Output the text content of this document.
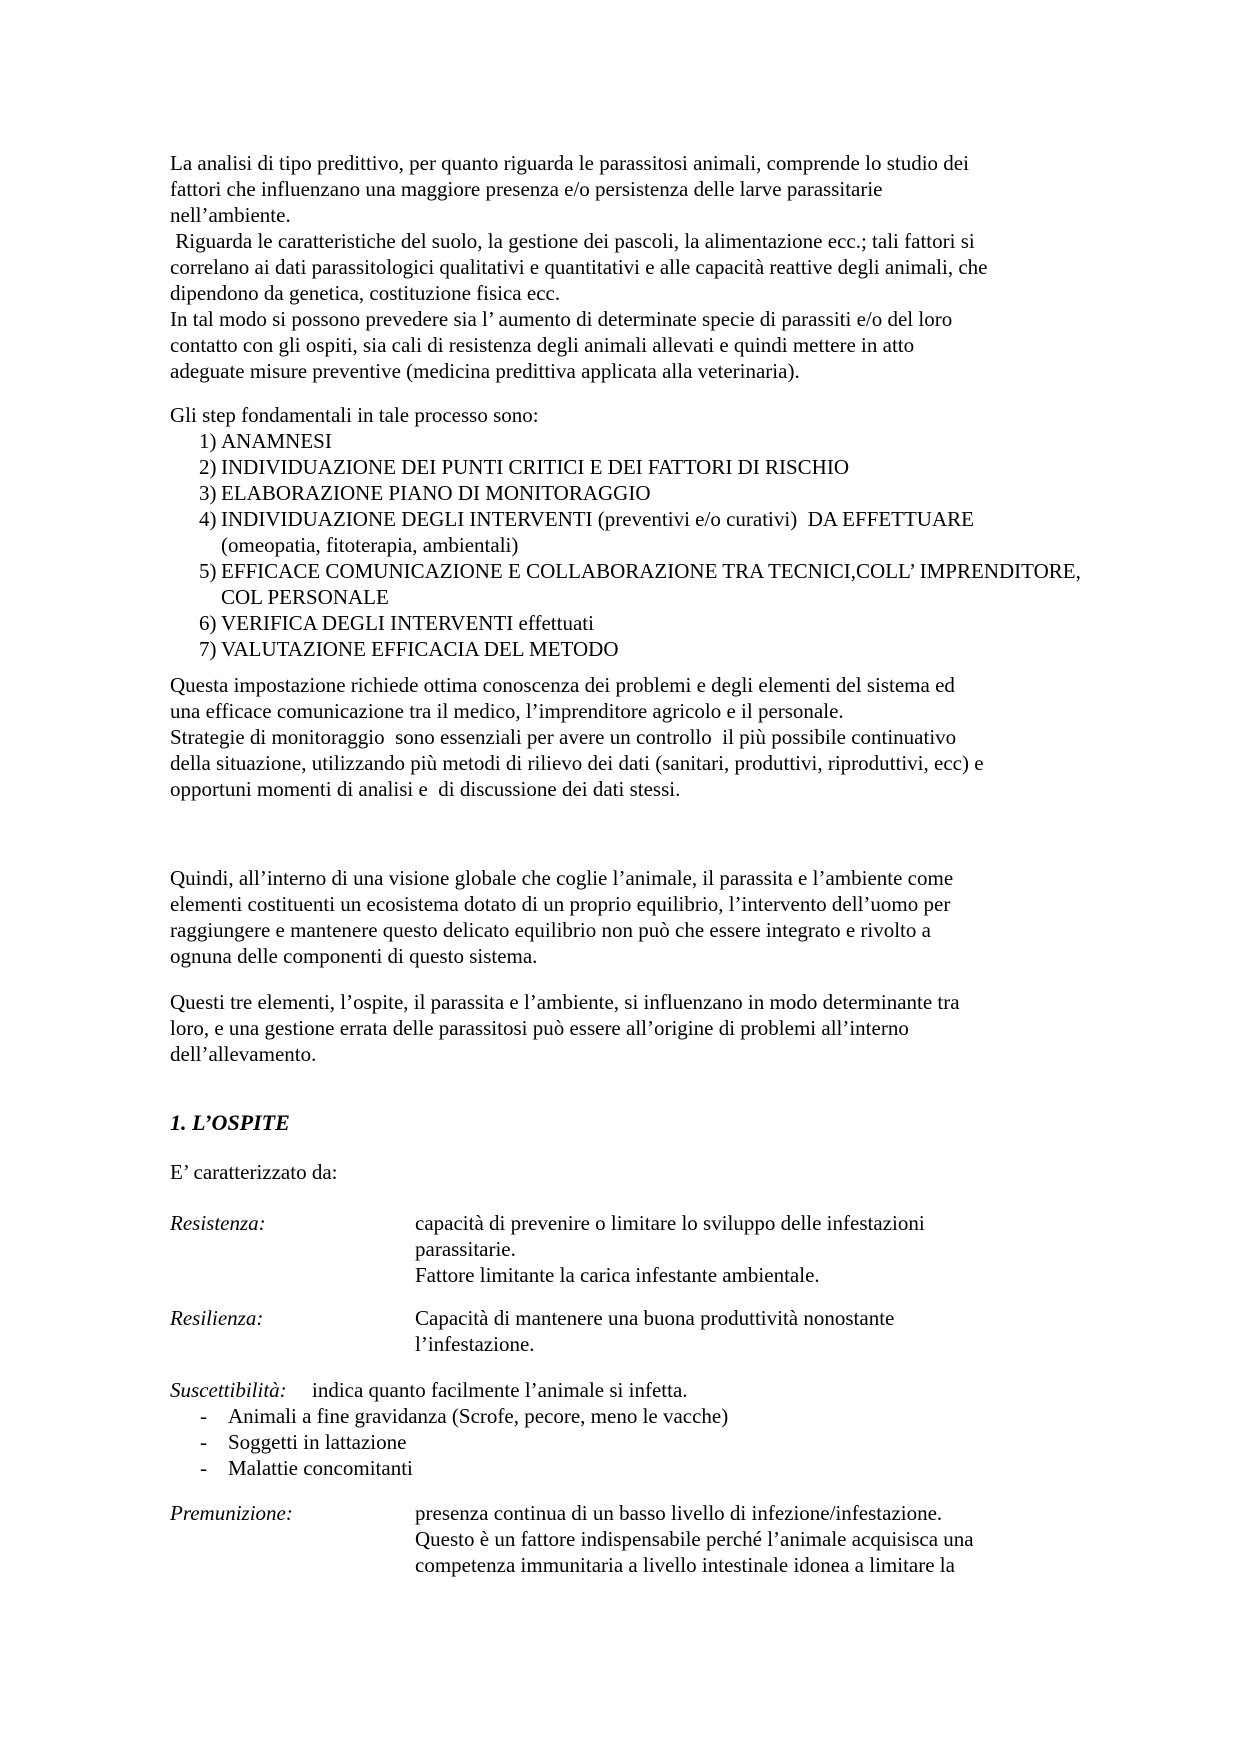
La analisi di tipo predittivo, per quanto riguarda le parassitosi animali, comprende lo studio dei
fattori che influenzano una maggiore presenza e/o persistenza delle larve parassitarie
nell’ambiente.
Riguarda le caratteristiche del suolo, la gestione dei pascoli, la alimentazione ecc.; tali fattori si
correlano ai dati parassitologici qualitativi e quantitativi e alle capacità reattive degli animali, che
dipendono da genetica, costituzione fisica ecc.
In tal modo si possono prevedere sia l’ aumento di determinate specie di parassiti e/o del loro
contatto con gli ospiti, sia cali di resistenza degli animali allevati e quindi mettere in atto
adeguate misure preventive (medicina predittiva applicata alla veterinaria).
Gli step fondamentali in tale processo sono:
1) ANAMNESI
2) INDIVIDUAZIONE DEI PUNTI CRITICI E DEI FATTORI DI RISCHIO
3) ELABORAZIONE PIANO DI MONITORAGGIO
4) INDIVIDUAZIONE DEGLI INTERVENTI (preventivi e/o curativi)  DA EFFETTUARE
(omeopatia, fitoterapia, ambientali)
5) EFFICACE COMUNICAZIONE E COLLABORAZIONE TRA TECNICI,COLL’ IMPRENDITORE,
COL PERSONALE
6) VERIFICA DEGLI INTERVENTI effettuati
7) VALUTAZIONE EFFICACIA DEL METODO
Questa impostazione richiede ottima conoscenza dei problemi e degli elementi del sistema ed
una efficace comunicazione tra il medico, l’imprenditore agricolo e il personale.
Strategie di monitoraggio  sono essenziali per avere un controllo  il più possibile continuativo
della situazione, utilizzando più metodi di rilievo dei dati (sanitari, produttivi, riproduttivi, ecc) e
opportuni momenti di analisi e  di discussione dei dati stessi.
Quindi, all’interno di una visione globale che coglie l’animale, il parassita e l’ambiente come
elementi costituenti un ecosistema dotato di un proprio equilibrio, l’intervento dell’uomo per
raggiungere e mantenere questo delicato equilibrio non può che essere integrato e rivolto a
ognuna delle componenti di questo sistema.
Questi tre elementi, l’ospite, il parassita e l’ambiente, si influenzano in modo determinante tra
loro, e una gestione errata delle parassitosi può essere all’origine di problemi all’interno
dell’allevamento.
1. L’OSPITE
E’ caratterizzato da:
Resistenza:	capacità di prevenire o limitare lo sviluppo delle infestazioni
parassitarie.
Fattore limitante la carica infestante ambientale.
Resilienza:	Capacità di mantenere una buona produttività nonostante
l’infestazione.
Suscettibilità:	indica quanto facilmente l’animale si infetta.
-	Animali a fine gravidanza (Scrofe, pecore, meno le vacche)
-	Soggetti in lattazione
-	Malattie concomitanti
Premunizione:	presenza continua di un basso livello di infezione/infestazione.
Questo è un fattore indispensabile perché l’animale acquisisca una
competenza immunitaria a livello intestinale idonea a limitare la
